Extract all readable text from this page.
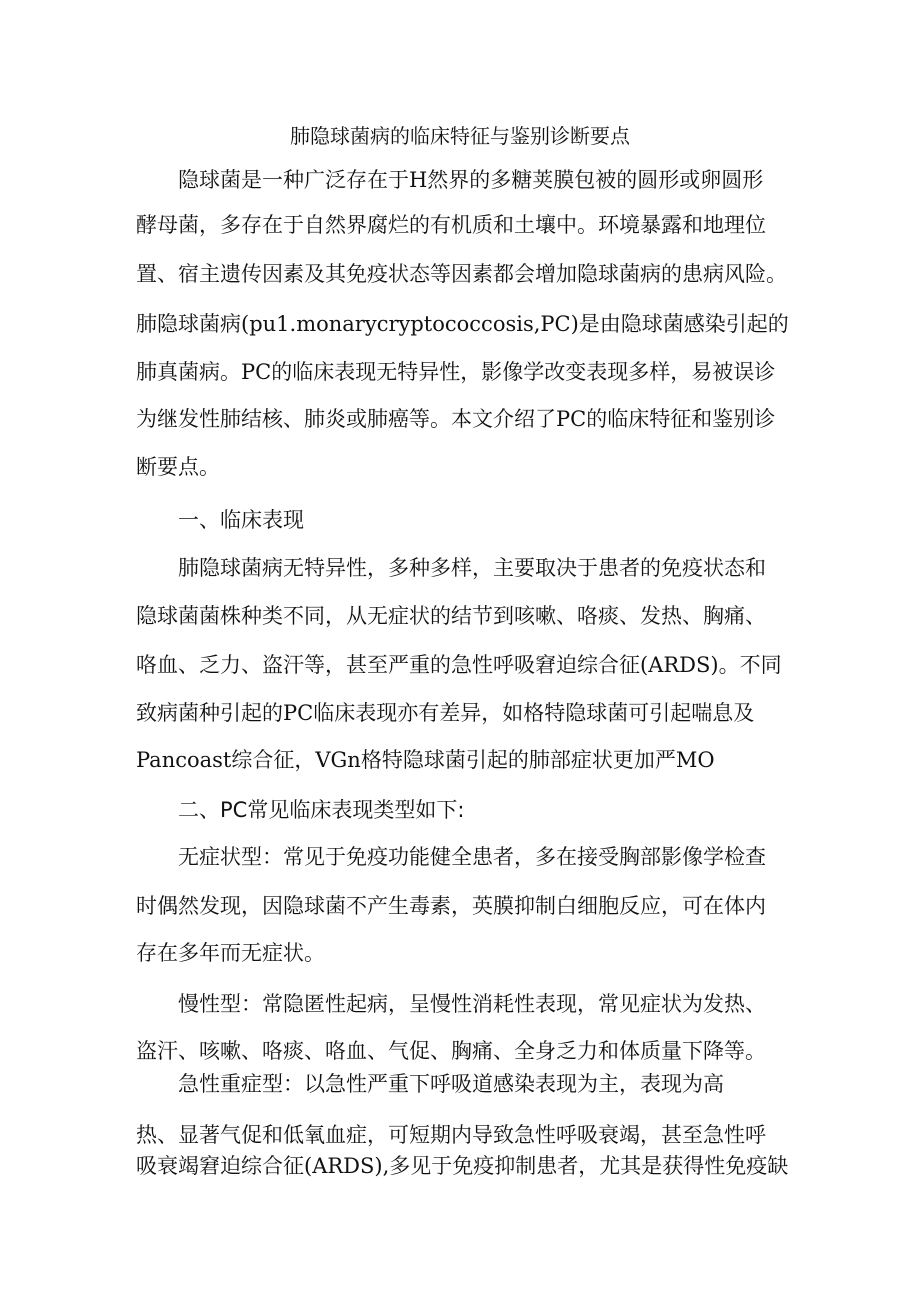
肺隐球菌病的临床特征与鉴别诊断要点
隐球菌是一种广泛存在于H然界的多糖荚膜包被的圆形或卵圆形
酵母菌，多存在于自然界腐烂的有机质和土壤中。环境暴露和地理位
置、宿主遗传因素及其免疫状态等因素都会增加隐球菌病的患病风险。
肺隐球菌病(pu1.monarycryptococcosis,PC)是由隐球菌感染引起的
肺真菌病。PC的临床表现无特异性，影像学改变表现多样，易被误诊
为继发性肺结核、肺炎或肺癌等。本文介绍了PC的临床特征和鉴别诊
断要点。
一、临床表现
肺隐球菌病无特异性，多种多样，主要取决于患者的免疫状态和
隐球菌菌株种类不同，从无症状的结节到咳嗽、咯痰、发热、胸痛、
咯血、乏力、盗汗等，甚至严重的急性呼吸窘迫综合征(ARDS)。不同
致病菌种引起的PC临床表现亦有差异，如格特隐球菌可引起喘息及
Pancoast综合征，VGn格特隐球菌引起的肺部症状更加严MO
二、PC常见临床表现类型如下:
无症状型：常见于免疫功能健全患者，多在接受胸部影像学检查
时偶然发现，因隐球菌不产生毒素，英膜抑制白细胞反应，可在体内
存在多年而无症状。
慢性型：常隐匿性起病，呈慢性消耗性表现，常见症状为发热、
盗汗、咳嗽、咯痰、咯血、气促、胸痛、全身乏力和体质量下降等。
急性重症型：以急性严重下呼吸道感染表现为主，表现为高
热、显著气促和低氧血症，可短期内导致急性呼吸衰竭，甚至急性呼
吸衰竭窘迫综合征(ARDS),多见于免疫抑制患者，尤其是获得性免疫缺
